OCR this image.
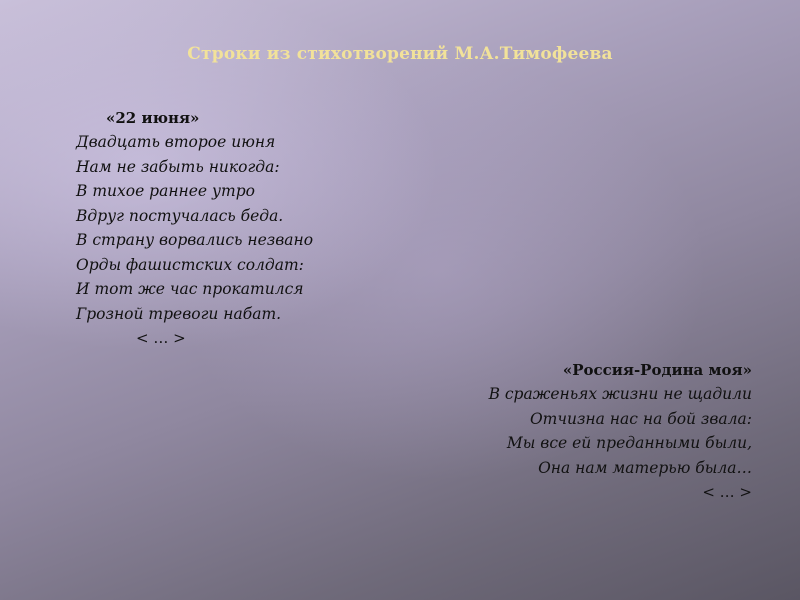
Строки из стихотворений М.А.Тимофеева
«22 июня»
Двадцать второе июня
Нам не забыть никогда:
В тихое раннее утро
Вдруг постучалась беда.
В страну ворвались незвано
Орды фашистских солдат:
И тот же час прокатился
Грозной тревоги набат.
< … >
«Россия-Родина моя»
В сраженьях жизни не щадили
Отчизна нас на бой звала:
Мы все ей преданными были,
Она нам матерью была…
< … >
